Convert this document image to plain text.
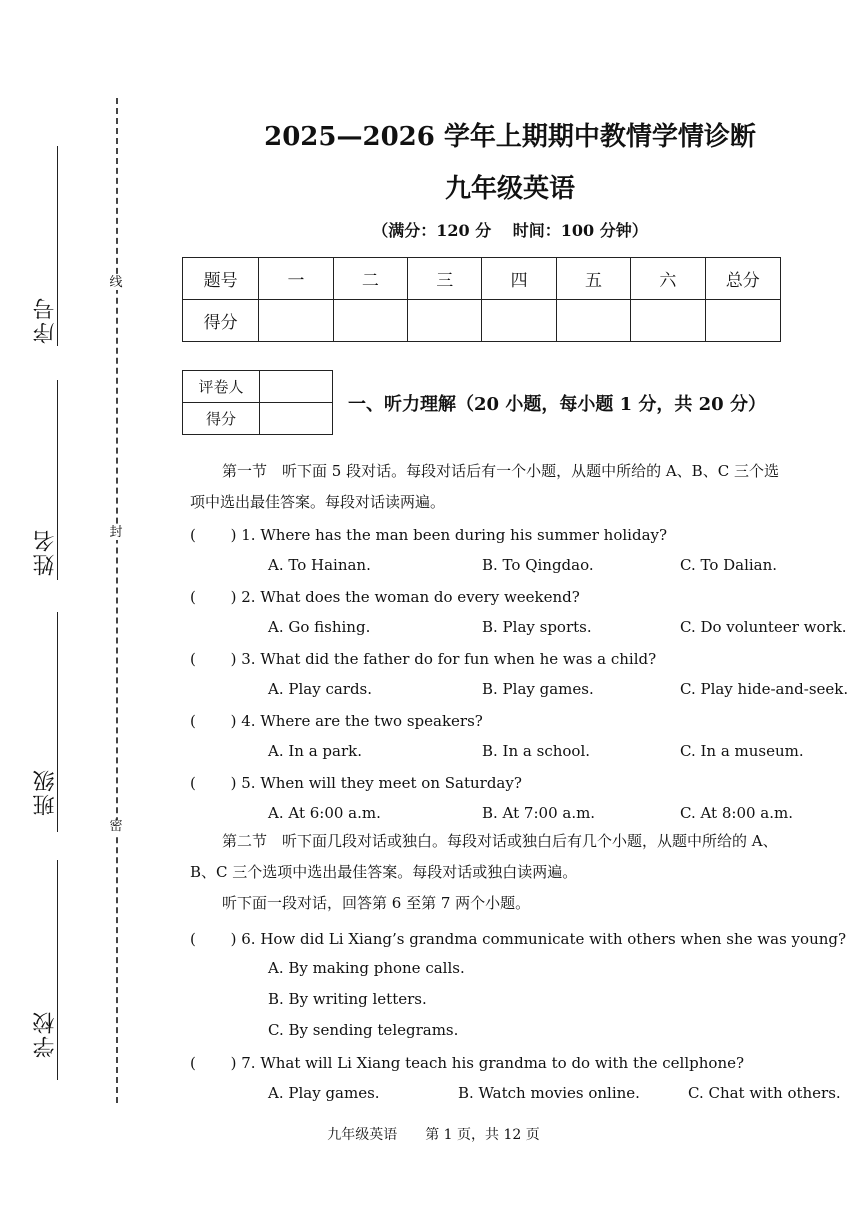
线
封
密
序号
姓名
班级
学校
2025—2026 学年上期期中教情学情诊断
九年级英语
（满分：120 分　 时间：100 分钟）
题号	一	二	三	四	五	六	总分
得分							
评卷人	
得分	
一、听力理解（20 小题，每小题 1 分，共 20 分）
第一节　听下面 5 段对话。每段对话后有一个小题，从题中所给的 A、B、C 三个选
项中选出最佳答案。每段对话读两遍。
(　　 ) 1. Where has the man been during his summer holiday?
A. To Hainan.	B. To Qingdao.	C. To Dalian.
(　　 ) 2. What does the woman do every weekend?
A. Go fishing.	B. Play sports.	C. Do volunteer work.
(　　 ) 3. What did the father do for fun when he was a child?
A. Play cards.	B. Play games.	C. Play hide-and-seek.
(　　 ) 4. Where are the two speakers?
A. In a park.	B. In a school.	C. In a museum.
(　　 ) 5. When will they meet on Saturday?
A. At 6:00 a.m.	B. At 7:00 a.m.	C. At 8:00 a.m.
第二节　听下面几段对话或独白。每段对话或独白后有几个小题，从题中所给的 A、
B、C 三个选项中选出最佳答案。每段对话或独白读两遍。
听下面一段对话，回答第 6 至第 7 两个小题。
(　　 ) 6. How did Li Xiang’s grandma communicate with others when she was young?
A. By making phone calls.
B. By writing letters.
C. By sending telegrams.
(　　 ) 7. What will Li Xiang teach his grandma to do with the cellphone?
A. Play games.	B. Watch movies online.	C. Chat with others.
九年级英语　　第 1 页，共 12 页
